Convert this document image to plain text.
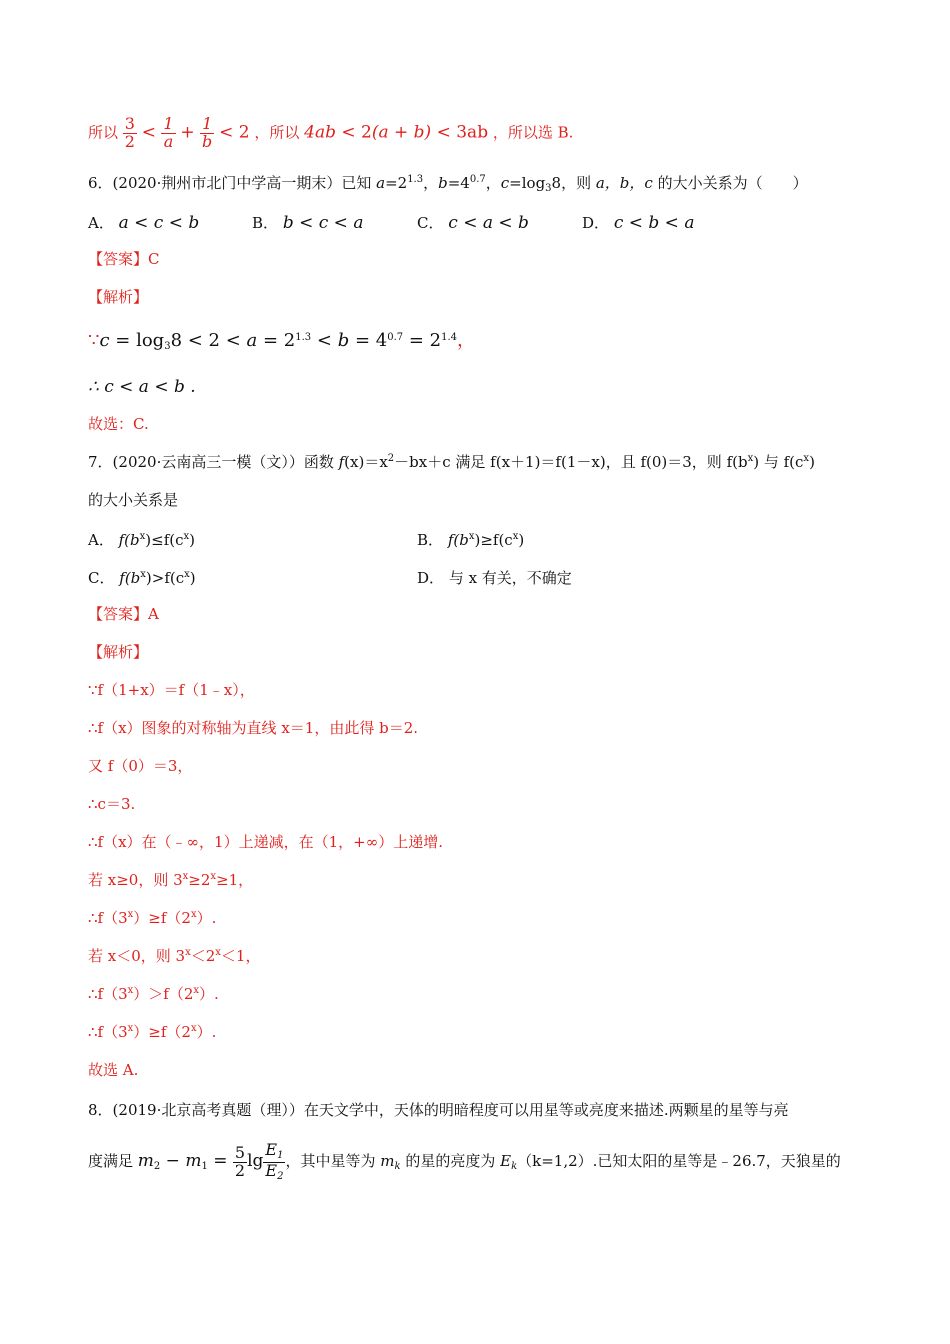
所以 $\frac{3}{2} < \frac{1}{a} + \frac{1}{b} < 2$ ，所以 4ab < 2(a + b) < 3ab ，所以选 B.
6．(2020·荆州市北门中学高一期末）已知 $a=2^{1.3}$，$b=4^{0.7}$，$c=\log_38$，则 a，b，c 的大小关系为（　　）
A． a < c < b	B． b < c < a	C． c < a < b	D． c < b < a
【答案】C
【解析】
∵c = $\log_38 < 2 < a = 2^{1.3} < b = 4^{0.7} = 2^{1.4}$，
∴ c < a < b .
故选：C.
7．(2020·云南高三一模（文））函数 $f(x)=x^2-bx+c$ 满足 f(x＋1)＝f(1－x)，且 f(0)＝3，则 $f(b^x)$ 与 $f(c^x)$
的大小关系是
A． $f(b^x)\le f(c^x)$	B． $f(b^x)\ge f(c^x)$
C． $f(b^x)>f(c^x)$	D． 与 x 有关，不确定
【答案】A
【解析】
∵f（1+x）＝f（1﹣x），
∴f（x）图象的对称轴为直线 x＝1，由此得 b＝2.
又 f（0）＝3，
∴c＝3.
∴f（x）在（﹣∞，1）上递减，在（1，+∞）上递增.
若 x≥0，则 $3^x\ge 2^x\ge 1$，
$\therefore f(3^x)\ge f(2^x)$.
若 x＜0，则 $3^x<2^x<1$，
$\therefore f(3^x)>f(2^x)$.
$\therefore f(3^x)\ge f(2^x)$.
故选 A.
8．(2019·北京高考真题（理））在天文学中，天体的明暗程度可以用星等或亮度来描述.两颗星的星等与亮
度满足 $m_2 - m_1 = \frac{5}{2}$ $\lg \frac{E_1}{E_2}$ ，其中星等为 $m_k$ 的星的亮度为 $E_k(k=1,2)$.已知太阳的星等是﹣26.7，天狼星的
